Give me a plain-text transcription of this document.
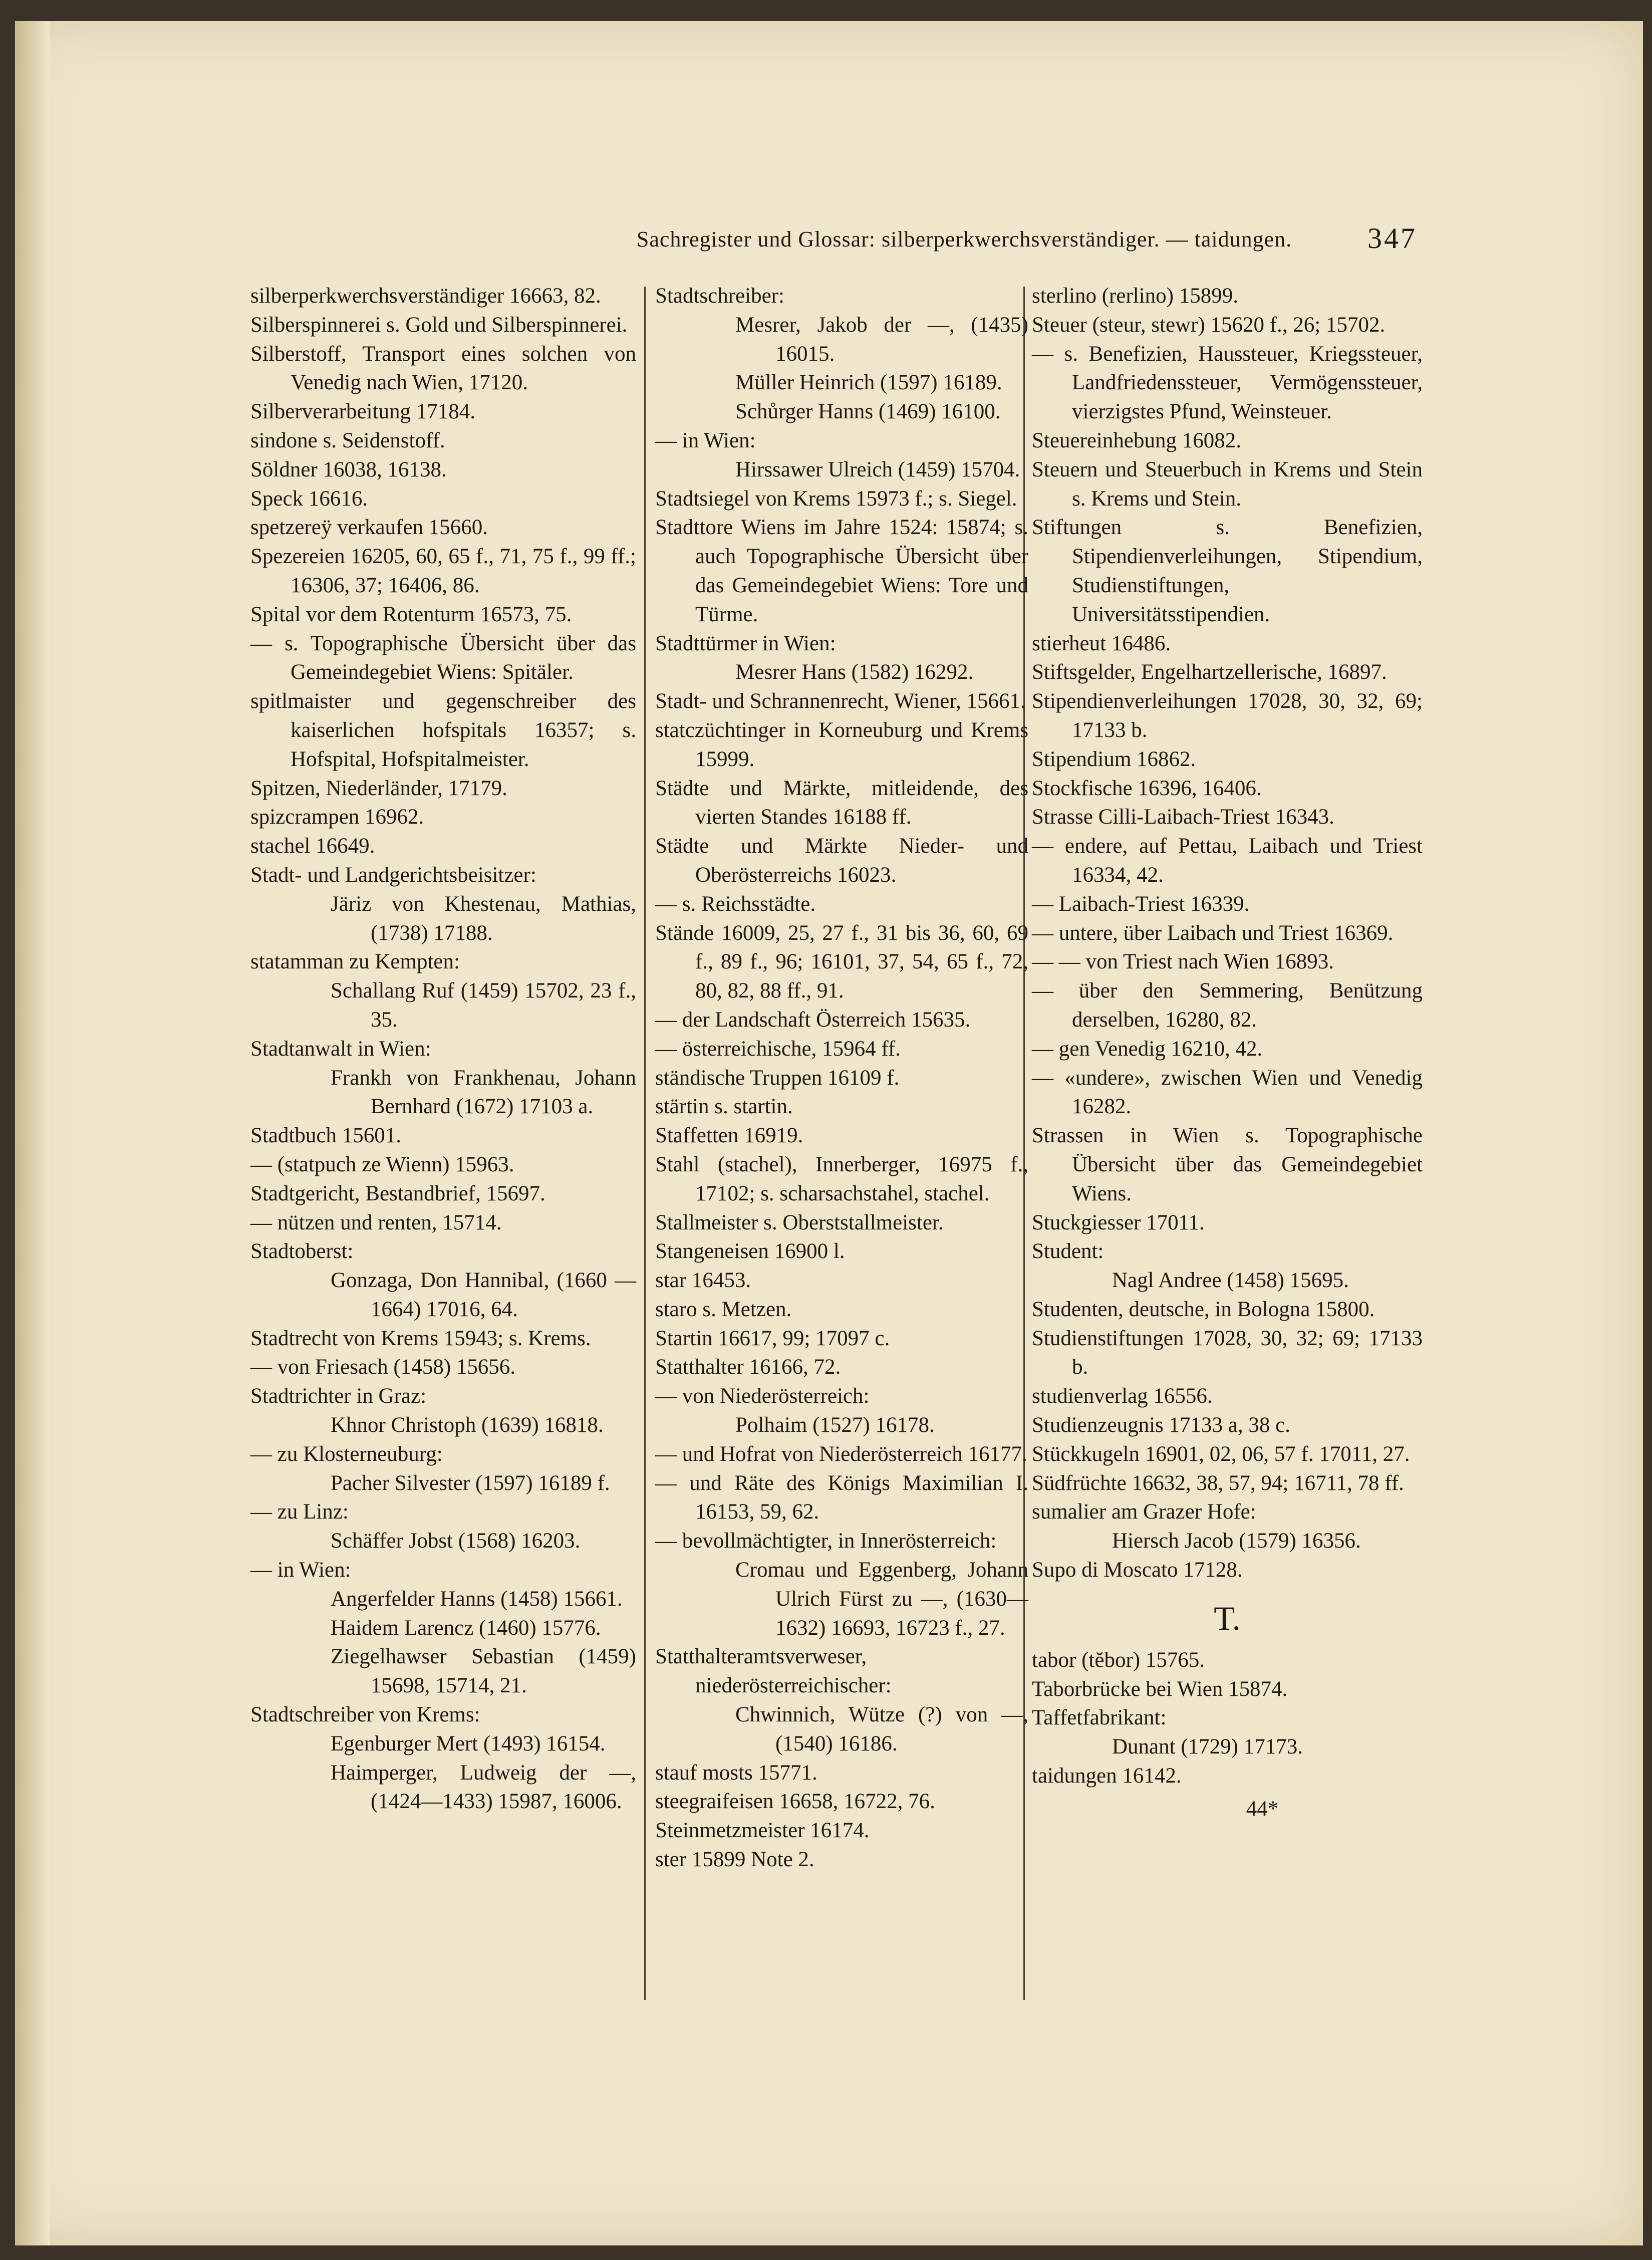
Sachregister und Glossar: silberperkwerchsverständiger. — taidungen.	347
silberperkwerchsverständiger 16663, 82.
Silberspinnerei s. Gold und Silberspinnerei.
Silberstoff, Transport eines solchen von Venedig nach Wien, 17120.
Silberverarbeitung 17184.
sindone s. Seidenstoff.
Söldner 16038, 16138.
Speck 16616.
spetzereÿ verkaufen 15660.
Spezereien 16205, 60, 65 f., 71, 75 f., 99 ff.; 16306, 37; 16406, 86.
Spital vor dem Rotenturm 16573, 75.
— s. Topographische Übersicht über das Gemeindegebiet Wiens: Spitäler.
spitlmaister und gegenschreiber des kaiserlichen hofspitals 16357; s. Hofspital, Hofspitalmeister.
Spitzen, Niederländer, 17179.
spizcrampen 16962.
stachel 16649.
Stadt- und Landgerichtsbeisitzer:
Järiz von Khestenau, Mathias, (1738) 17188.
statamman zu Kempten:
Schallang Ruf (1459) 15702, 23 f., 35.
Stadtanwalt in Wien:
Frankh von Frankhenau, Johann Bernhard (1672) 17103 a.
Stadtbuch 15601.
— (statpuch ze Wienn) 15963.
Stadtgericht, Bestandbrief, 15697.
— nützen und renten, 15714.
Stadtoberst:
Gonzaga, Don Hannibal, (1660 —1664) 17016, 64.
Stadtrecht von Krems 15943; s. Krems.
— von Friesach (1458) 15656.
Stadtrichter in Graz:
Khnor Christoph (1639) 16818.
— zu Klosterneuburg:
Pacher Silvester (1597) 16189 f.
— zu Linz:
Schäffer Jobst (1568) 16203.
— in Wien:
Angerfelder Hanns (1458) 15661.
Haidem Larencz (1460) 15776.
Ziegelhawser Sebastian (1459) 15698, 15714, 21.
Stadtschreiber von Krems:
Egenburger Mert (1493) 16154.
Haimperger, Ludweig der —, (1424—1433) 15987, 16006.
Stadtschreiber:
Mesrer, Jakob der —, (1435) 16015.
Müller Heinrich (1597) 16189.
Schůrger Hanns (1469) 16100.
— in Wien:
Hirssawer Ulreich (1459) 15704.
Stadtsiegel von Krems 15973 f.; s. Siegel.
Stadttore Wiens im Jahre 1524: 15874; s. auch Topographische Übersicht über das Gemeindegebiet Wiens: Tore und Türme.
Stadttürmer in Wien:
Mesrer Hans (1582) 16292.
Stadt- und Schrannenrecht, Wiener, 15661.
statczüchtinger in Korneuburg und Krems 15999.
Städte und Märkte, mitleidende, des vierten Standes 16188 ff.
Städte und Märkte Nieder- und Oberösterreichs 16023.
— s. Reichsstädte.
Stände 16009, 25, 27 f., 31 bis 36, 60, 69 f., 89 f., 96; 16101, 37, 54, 65 f., 72, 80, 82, 88 ff., 91.
— der Landschaft Österreich 15635.
— österreichische, 15964 ff.
ständische Truppen 16109 f.
stärtin s. startin.
Staffetten 16919.
Stahl (stachel), Innerberger, 16975 f., 17102; s. scharsachstahel, stachel.
Stallmeister s. Oberststallmeister.
Stangeneisen 16900 l.
star 16453.
staro s. Metzen.
Startin 16617, 99; 17097 c.
Statthalter 16166, 72.
— von Niederösterreich:
Polhaim (1527) 16178.
— und Hofrat von Niederösterreich 16177.
— und Räte des Königs Maximilian I. 16153, 59, 62.
— bevollmächtigter, in Innerösterreich:
Cromau und Eggenberg, Johann Ulrich Fürst zu —, (1630—1632) 16693, 16723 f., 27.
Statthalteramtsverweser, niederösterreichischer:
Chwinnich, Wütze (?) von —, (1540) 16186.
stauf mosts 15771.
steegraifeisen 16658, 16722, 76.
Steinmetzmeister 16174.
ster 15899 Note 2.
sterlino (rerlino) 15899.
Steuer (steur, stewr) 15620 f., 26; 15702.
— s. Benefizien, Haussteuer, Kriegssteuer, Landfriedenssteuer, Vermögenssteuer, vierzigstes Pfund, Weinsteuer.
Steuereinhebung 16082.
Steuern und Steuerbuch in Krems und Stein s. Krems und Stein.
Stiftungen s. Benefizien, Stipendienverleihungen, Stipendium, Studienstiftungen, Universitätsstipendien.
stierheut 16486.
Stiftsgelder, Engelhartzellerische, 16897.
Stipendienverleihungen 17028, 30, 32, 69; 17133 b.
Stipendium 16862.
Stockfische 16396, 16406.
Strasse Cilli-Laibach-Triest 16343.
— endere, auf Pettau, Laibach und Triest 16334, 42.
— Laibach-Triest 16339.
— untere, über Laibach und Triest 16369.
— — von Triest nach Wien 16893.
— über den Semmering, Benützung derselben, 16280, 82.
— gen Venedig 16210, 42.
— «undere», zwischen Wien und Venedig 16282.
Strassen in Wien s. Topographische Übersicht über das Gemeindegebiet Wiens.
Stuckgiesser 17011.
Student:
Nagl Andree (1458) 15695.
Studenten, deutsche, in Bologna 15800.
Studienstiftungen 17028, 30, 32; 69; 17133 b.
studienverlag 16556.
Studienzeugnis 17133 a, 38 c.
Stückkugeln 16901, 02, 06, 57 f. 17011, 27.
Südfrüchte 16632, 38, 57, 94; 16711, 78 ff.
sumalier am Grazer Hofe:
Hiersch Jacob (1579) 16356.
Supo di Moscato 17128.
T.
tabor (tĕbor) 15765.
Taborbrücke bei Wien 15874.
Taffetfabrikant:
Dunant (1729) 17173.
taidungen 16142.
44*
